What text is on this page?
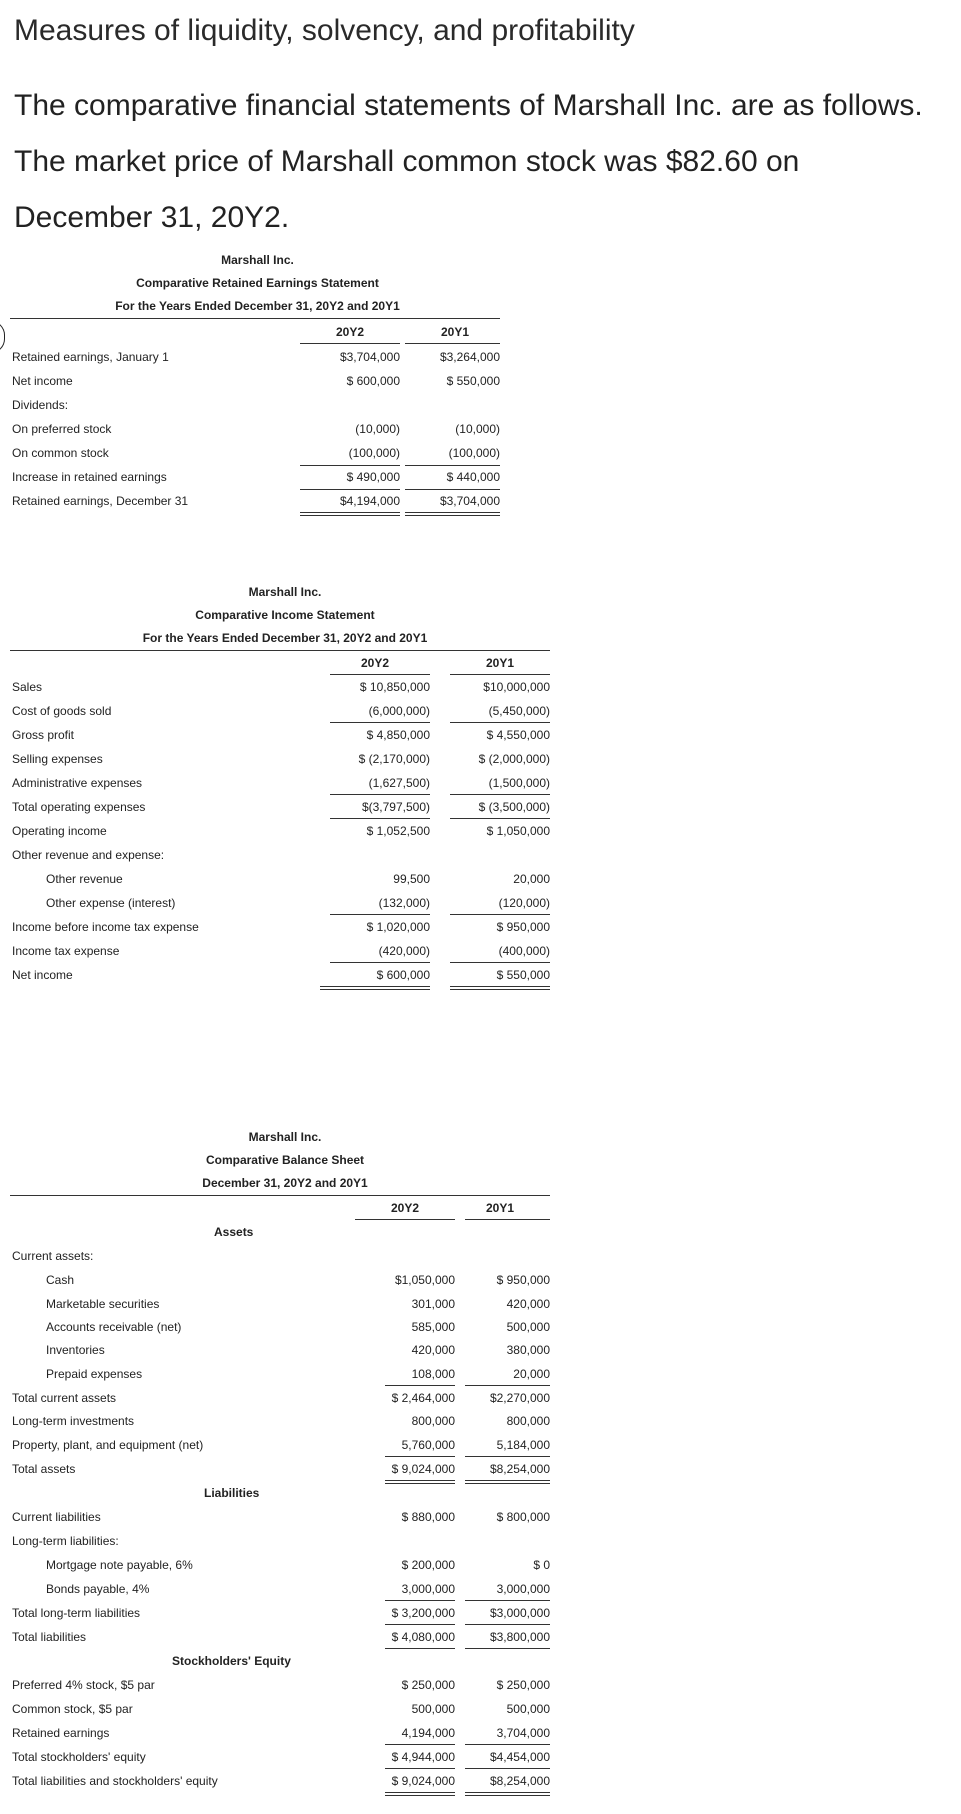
Measures of liquidity, solvency, and profitability

The comparative financial statements of Marshall Inc. are as follows. The market price of Marshall common stock was $82.60 on December 31, 20Y2.

Marshall Inc.
Comparative Retained Earnings Statement
For the Years Ended December 31, 20Y2 and 20Y1
20Y2	20Y1
Retained earnings, January 1	$3,704,000	$3,264,000
Net income	$ 600,000	$ 550,000
Dividends:
On preferred stock	(10,000)	(10,000)
On common stock	(100,000)	(100,000)
Increase in retained earnings	$ 490,000	$ 440,000
Retained earnings, December 31	$4,194,000	$3,704,000
Marshall Inc.
Comparative Income Statement
For the Years Ended December 31, 20Y2 and 20Y1
20Y2	20Y1
Sales	$ 10,850,000	$10,000,000
Cost of goods sold	(6,000,000)	(5,450,000)
Gross profit	$ 4,850,000	$ 4,550,000
Selling expenses	$ (2,170,000)	$ (2,000,000)
Administrative expenses	(1,627,500)	(1,500,000)
Total operating expenses	$(3,797,500)	$ (3,500,000)
Operating income	$ 1,052,500	$ 1,050,000
Other revenue and expense:
Other revenue	99,500	20,000
Other expense (interest)	(132,000)	(120,000)
Income before income tax expense	$ 1,020,000	$ 950,000
Income tax expense	(420,000)	(400,000)
Net income	$ 600,000	$ 550,000
Marshall Inc.
Comparative Balance Sheet
December 31, 20Y2 and 20Y1
20Y2	20Y1
Assets
Current assets:
Cash	$1,050,000	$ 950,000
Marketable securities	301,000	420,000
Accounts receivable (net)	585,000	500,000
Inventories	420,000	380,000
Prepaid expenses	108,000	20,000
Total current assets	$ 2,464,000	$2,270,000
Long-term investments	800,000	800,000
Property, plant, and equipment (net)	5,760,000	5,184,000
Total assets	$ 9,024,000	$8,254,000
Liabilities
Current liabilities	$ 880,000	$ 800,000
Long-term liabilities:
Mortgage note payable, 6%	$ 200,000	$ 0
Bonds payable, 4%	3,000,000	3,000,000
Total long-term liabilities	$ 3,200,000	$3,000,000
Total liabilities	$ 4,080,000	$3,800,000
Stockholders' Equity
Preferred 4% stock, $5 par	$ 250,000	$ 250,000
Common stock, $5 par	500,000	500,000
Retained earnings	4,194,000	3,704,000
Total stockholders' equity	$ 4,944,000	$4,454,000
Total liabilities and stockholders' equity	$ 9,024,000	$8,254,000
